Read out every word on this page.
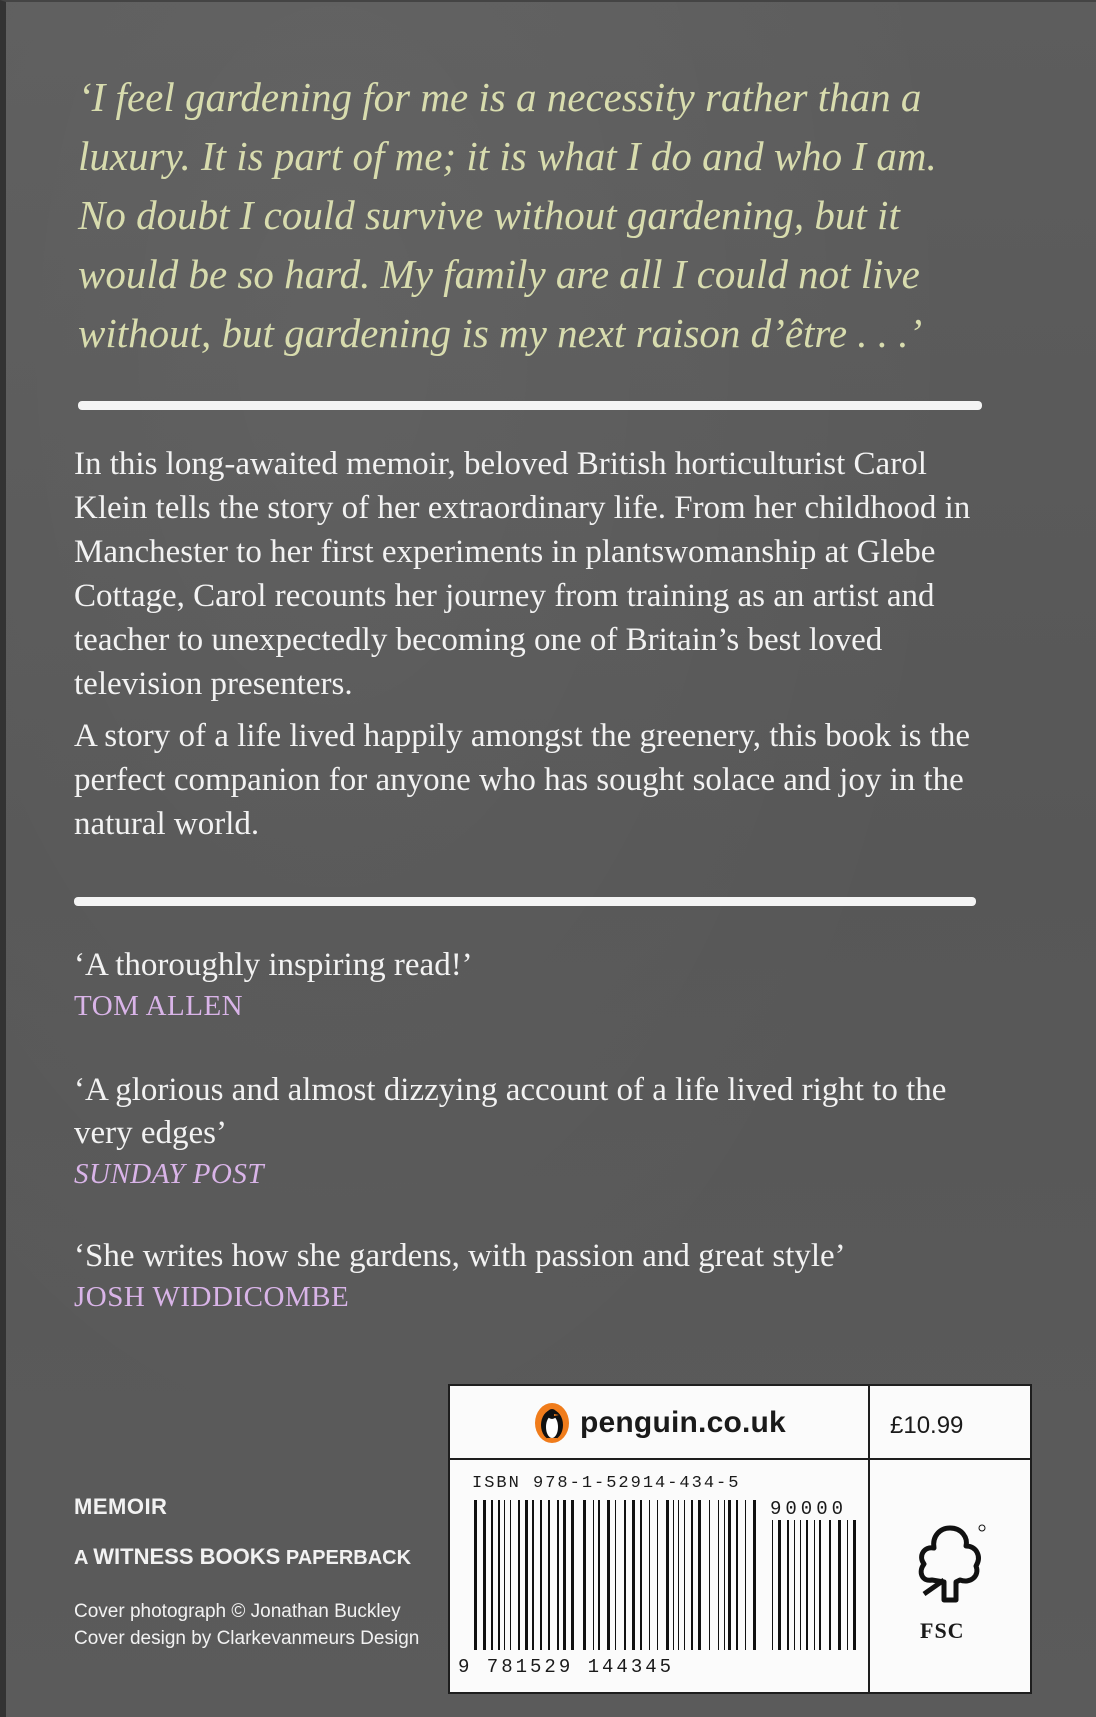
‘I feel gardening for me is a necessity rather than a luxury. It is part of me; it is what I do and who I am. No doubt I could survive without gardening, but it would be so hard. My family are all I could not live without, but gardening is my next raison d’être . . .’

In this long-awaited memoir, beloved British horticulturist Carol Klein tells the story of her extraordinary life. From her childhood in Manchester to her first experiments in plantswomanship at Glebe Cottage, Carol recounts her journey from training as an artist and teacher to unexpectedly becoming one of Britain’s best loved television presenters.

A story of a life lived happily amongst the greenery, this book is the perfect companion for anyone who has sought solace and joy in the natural world.

‘A thoroughly inspiring read!’

TOM ALLEN

‘A glorious and almost dizzying account of a life lived right to the very edges’

SUNDAY POST

‘She writes how she gardens, with passion and great style’

JOSH WIDDICOMBE

MEMOIR
A WITNESS BOOKS PAPERBACK
Cover photograph © Jonathan Buckley
Cover design by Clarkevanmeurs Design
penguin.co.uk	£10.99
ISBN 978-1-52914-434-5
90000
9 781529 144345
FSC
